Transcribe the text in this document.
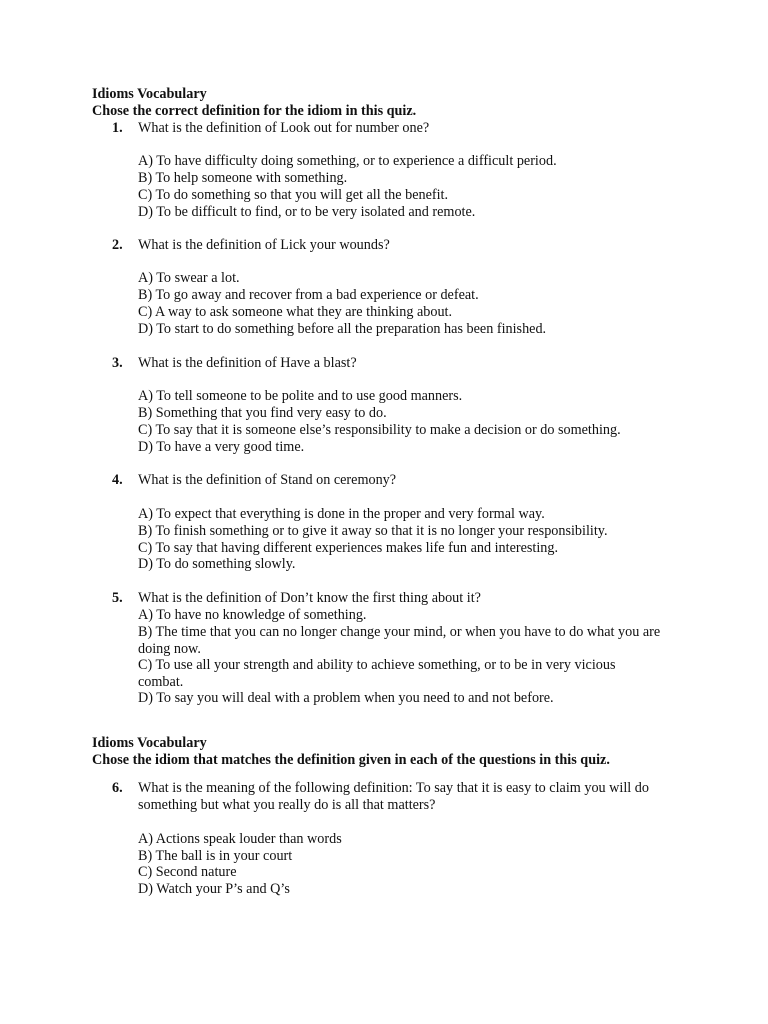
Idioms Vocabulary
Chose the correct definition for the idiom in this quiz.
1. What is the definition of Look out for number one?
A) To have difficulty doing something, or to experience a difficult period.
B) To help someone with something.
C) To do something so that you will get all the benefit.
D) To be difficult to find, or to be very isolated and remote.
2. What is the definition of Lick your wounds?
A) To swear a lot.
B) To go away and recover from a bad experience or defeat.
C) A way to ask someone what they are thinking about.
D) To start to do something before all the preparation has been finished.
3. What is the definition of Have a blast?
A) To tell someone to be polite and to use good manners.
B) Something that you find very easy to do.
C) To say that it is someone else’s responsibility to make a decision or do something.
D) To have a very good time.
4. What is the definition of Stand on ceremony?
A) To expect that everything is done in the proper and very formal way.
B) To finish something or to give it away so that it is no longer your responsibility.
C) To say that having different experiences makes life fun and interesting.
D) To do something slowly.
5. What is the definition of Don’t know the first thing about it?
A) To have no knowledge of something.
B) The time that you can no longer change your mind, or when you have to do what you are doing now.
C) To use all your strength and ability to achieve something, or to be in very vicious combat.
D) To say you will deal with a problem when you need to and not before.
Idioms Vocabulary
Chose the idiom that matches the definition given in each of the questions in this quiz.
6. What is the meaning of the following definition: To say that it is easy to claim you will do something but what you really do is all that matters?
A) Actions speak louder than words
B) The ball is in your court
C) Second nature
D) Watch your P’s and Q’s
